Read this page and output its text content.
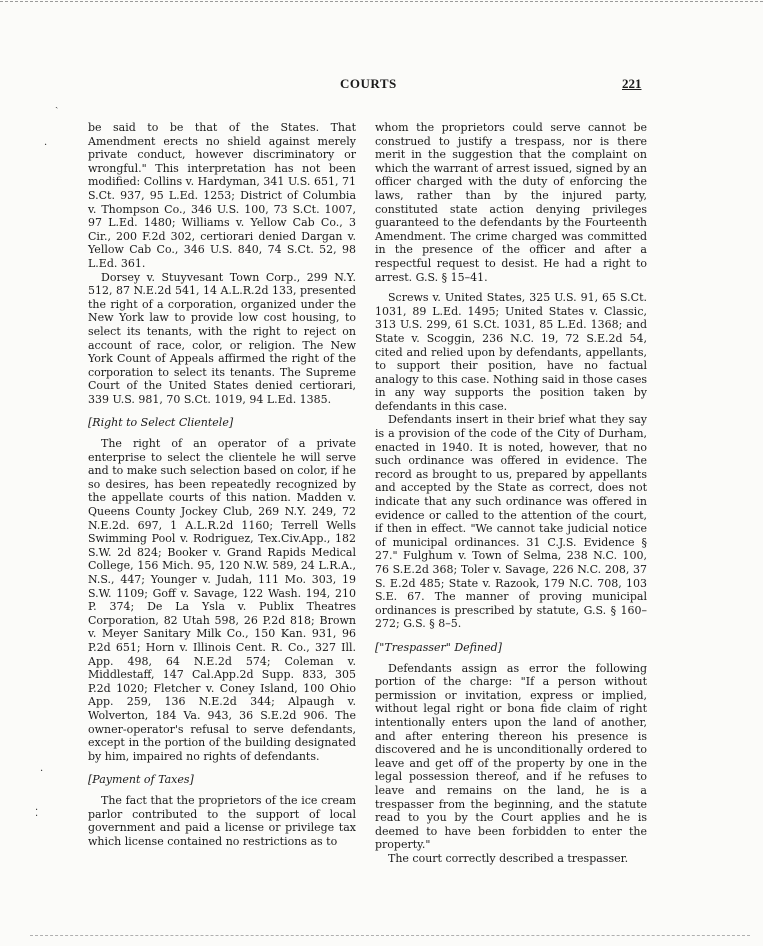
COURTS	221
ˏ
·
·
⁚

be said to be that of the States. That Amendment erects no shield against merely private conduct, however discriminatory or wrongful." This interpretation has not been modified: Collins v. Hardyman, 341 U.S. 651, 71 S.Ct. 937, 95 L.Ed. 1253; District of Columbia v. Thompson Co., 346 U.S. 100, 73 S.Ct. 1007, 97 L.Ed. 1480; Williams v. Yellow Cab Co., 3 Cir., 200 F.2d 302, certiorari denied Dargan v. Yellow Cab Co., 346 U.S. 840, 74 S.Ct. 52, 98 L.Ed. 361.

Dorsey v. Stuyvesant Town Corp., 299 N.Y. 512, 87 N.E.2d 541, 14 A.L.R.2d 133, presented the right of a corporation, organized under the New York law to provide low cost housing, to select its tenants, with the right to reject on account of race, color, or religion. The New York Count of Appeals affirmed the right of the corporation to select its tenants. The Supreme Court of the United States denied certiorari, 339 U.S. 981, 70 S.Ct. 1019, 94 L.Ed. 1385.

[Right to Select Clientele]

The right of an operator of a private enterprise to select the clientele he will serve and to make such selection based on color, if he so desires, has been repeatedly recognized by the appellate courts of this nation. Madden v. Queens County Jockey Club, 269 N.Y. 249, 72 N.E.2d. 697, 1 A.L.R.2d 1160; Terrell Wells Swimming Pool v. Rodriguez, Tex.Civ.App., 182 S.W. 2d 824; Booker v. Grand Rapids Medical College, 156 Mich. 95, 120 N.W. 589, 24 L.R.A., N.S., 447; Younger v. Judah, 111 Mo. 303, 19 S.W. 1109; Goff v. Savage, 122 Wash. 194, 210 P. 374; De La Ysla v. Publix Theatres Corporation, 82 Utah 598, 26 P.2d 818; Brown v. Meyer Sanitary Milk Co., 150 Kan. 931, 96 P.2d 651; Horn v. Illinois Cent. R. Co., 327 Ill. App. 498, 64 N.E.2d 574; Coleman v. Middlestaff, 147 Cal.App.2d Supp. 833, 305 P.2d 1020; Fletcher v. Coney Island, 100 Ohio App. 259, 136 N.E.2d 344; Alpaugh v. Wolverton, 184 Va. 943, 36 S.E.2d 906. The owner-operator's refusal to serve defendants, except in the portion of the building designated by him, impaired no rights of defendants.

[Payment of Taxes]

The fact that the proprietors of the ice cream parlor contributed to the support of local government and paid a license or privilege tax which license contained no restrictions as to

whom the proprietors could serve cannot be construed to justify a trespass, nor is there merit in the suggestion that the complaint on which the warrant of arrest issued, signed by an officer charged with the duty of enforcing the laws, rather than by the injured party, constituted state action denying privileges guaranteed to the defendants by the Fourteenth Amendment. The crime charged was committed in the presence of the officer and after a respectful request to desist. He had a right to arrest. G.S. § 15–41.

Screws v. United States, 325 U.S. 91, 65 S.Ct. 1031, 89 L.Ed. 1495; United States v. Classic, 313 U.S. 299, 61 S.Ct. 1031, 85 L.Ed. 1368; and State v. Scoggin, 236 N.C. 19, 72 S.E.2d 54, cited and relied upon by defendants, appellants, to support their position, have no factual analogy to this case. Nothing said in those cases in any way supports the position taken by defendants in this case.

Defendants insert in their brief what they say is a provision of the code of the City of Durham, enacted in 1940. It is noted, however, that no such ordinance was offered in evidence. The record as brought to us, prepared by appellants and accepted by the State as correct, does not indicate that any such ordinance was offered in evidence or called to the attention of the court, if then in effect. "We cannot take judicial notice of municipal ordinances. 31 C.J.S. Evidence § 27." Fulghum v. Town of Selma, 238 N.C. 100, 76 S.E.2d 368; Toler v. Savage, 226 N.C. 208, 37 S. E.2d 485; State v. Razook, 179 N.C. 708, 103 S.E. 67. The manner of proving municipal ordinances is prescribed by statute, G.S. § 160–272; G.S. § 8–5.

["Trespasser" Defined]

Defendants assign as error the following portion of the charge: "If a person without permission or invitation, express or implied, without legal right or bona fide claim of right intentionally enters upon the land of another, and after entering thereon his presence is discovered and he is unconditionally ordered to leave and get off of the property by one in the legal possession thereof, and if he refuses to leave and remains on the land, he is a trespasser from the beginning, and the statute read to you by the Court applies and he is deemed to have been forbidden to enter the property."

The court correctly described a trespasser.
